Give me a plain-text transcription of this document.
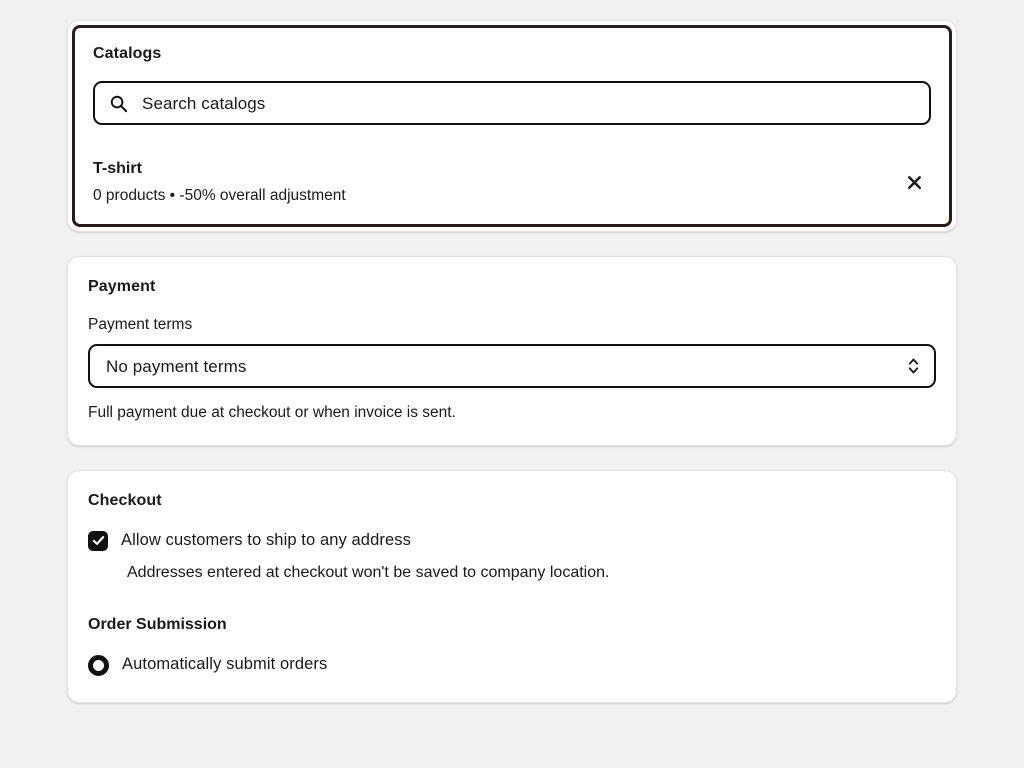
Catalogs
Search catalogs
T-shirt
0 products • -50% overall adjustment
Payment
Payment terms
No payment terms
Full payment due at checkout or when invoice is sent.
Checkout
Allow customers to ship to any address
Addresses entered at checkout won't be saved to company location.
Order Submission
Automatically submit orders
